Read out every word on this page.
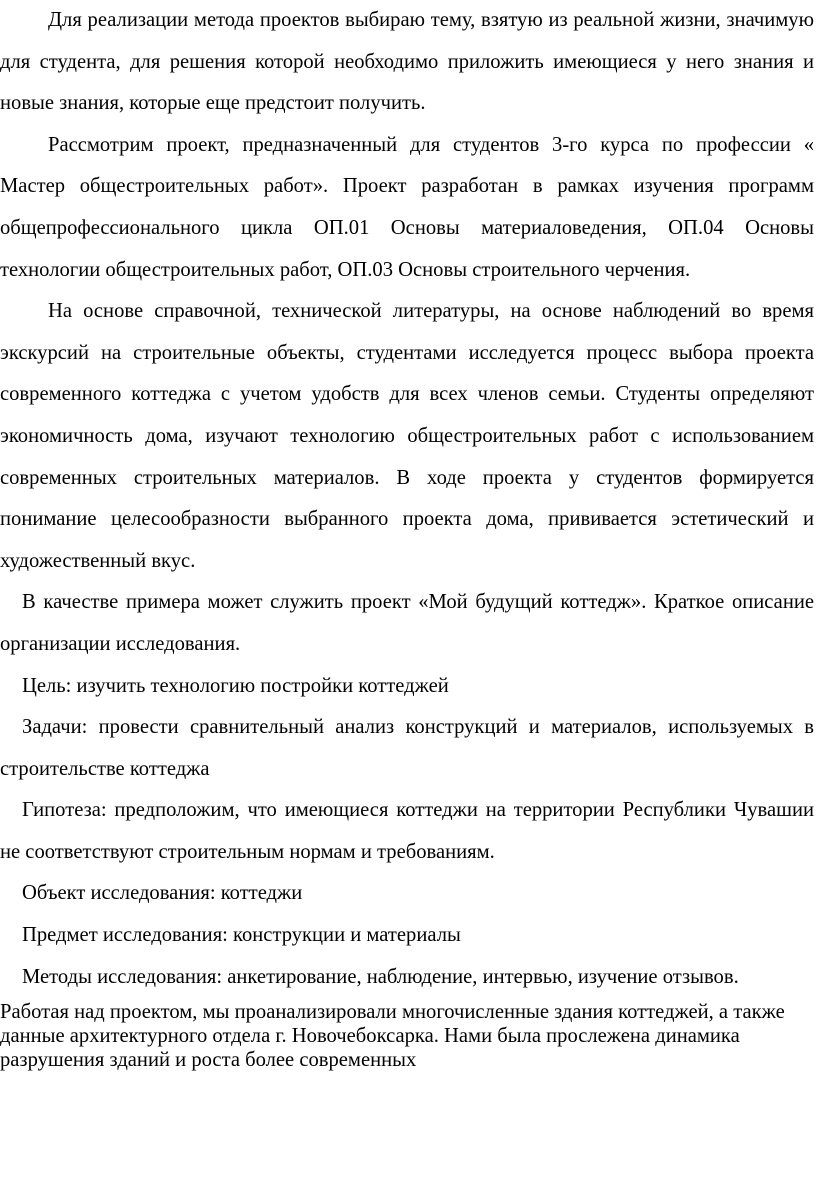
Для реализации метода проектов выбираю тему, взятую из реальной жизни, значимую для студента, для решения которой необходимо приложить имеющиеся у него знания и новые знания, которые еще предстоит получить.

Рассмотрим проект, предназначенный для студентов 3-го курса по профессии « Мастер общестроительных работ». Проект разработан в рамках изучения программ общепрофессионального цикла ОП.01 Основы материаловедения, ОП.04 Основы технологии общестроительных работ, ОП.03 Основы строительного черчения.

На основе справочной, технической литературы, на основе наблюдений во время экскурсий на строительные объекты, студентами исследуется процесс выбора проекта современного коттеджа с учетом удобств для всех членов семьи. Студенты определяют экономичность дома, изучают технологию общестроительных работ с использованием современных строительных материалов. В ходе проекта у студентов формируется понимание целесообразности выбранного проекта дома, прививается эстетический и художественный вкус.

В качестве примера может служить проект «Мой будущий коттедж». Краткое описание организации исследования.

Цель: изучить технологию постройки коттеджей

Задачи: провести сравнительный анализ конструкций и материалов, используемых в строительстве коттеджа

Гипотеза: предположим, что имеющиеся коттеджи на территории Республики Чувашии не соответствуют строительным нормам и требованиям.

Объект исследования: коттеджи

Предмет исследования: конструкции и материалы

Методы исследования: анкетирование, наблюдение, интервью, изучение отзывов.

Работая над проектом, мы проанализировали многочисленные здания коттеджей, а также данные архитектурного отдела г. Новочебоксарка. Нами была прослежена динамика разрушения зданий и роста более современных
